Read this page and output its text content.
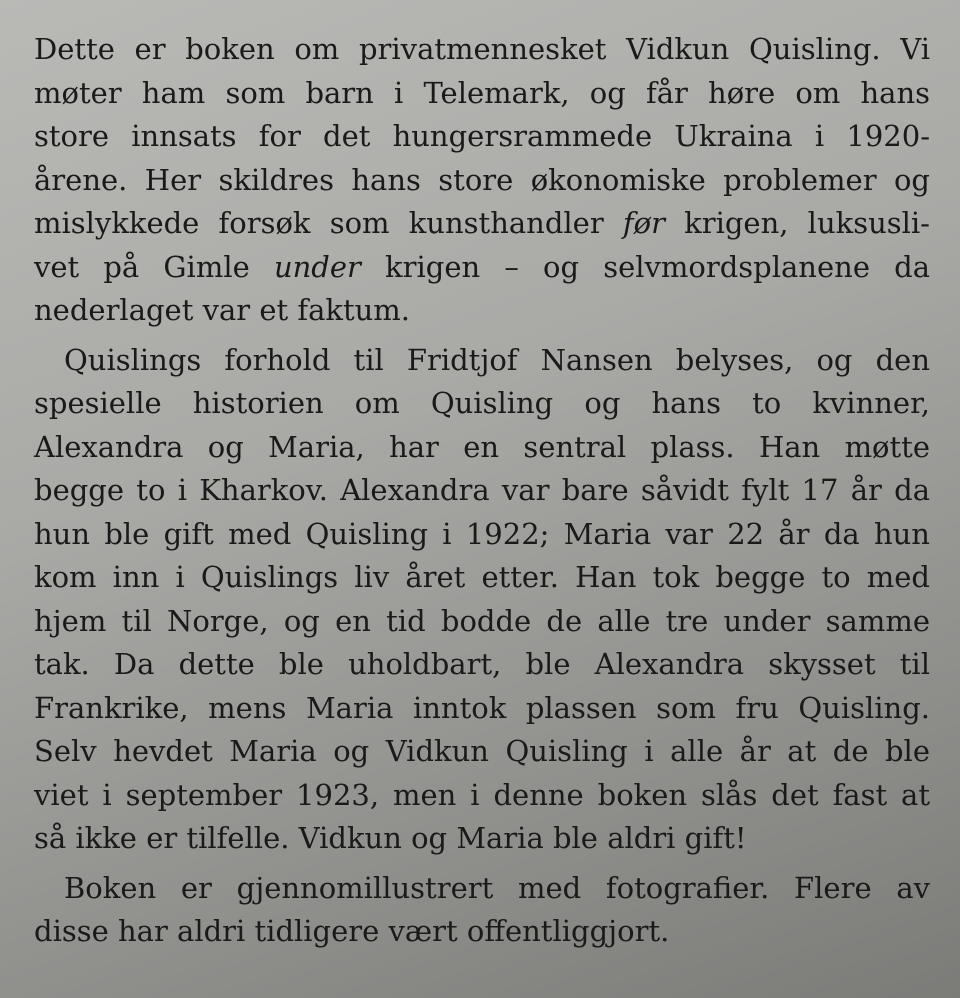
Dette er boken om privatmennesket Vidkun Quisling. Vi
møter ham som barn i Telemark, og får høre om hans
store innsats for det hungersrammede Ukraina i 1920-
årene. Her skildres hans store økonomiske problemer og
mislykkede forsøk som kunsthandler før krigen, luksusli-
vet på Gimle under krigen – og selvmordsplanene da
nederlaget var et faktum.
Quislings forhold til Fridtjof Nansen belyses, og den
spesielle historien om Quisling og hans to kvinner,
Alexandra og Maria, har en sentral plass. Han møtte
begge to i Kharkov. Alexandra var bare såvidt fylt 17 år da
hun ble gift med Quisling i 1922; Maria var 22 år da hun
kom inn i Quislings liv året etter. Han tok begge to med
hjem til Norge, og en tid bodde de alle tre under samme
tak. Da dette ble uholdbart, ble Alexandra skysset til
Frankrike, mens Maria inntok plassen som fru Quisling.
Selv hevdet Maria og Vidkun Quisling i alle år at de ble
viet i september 1923, men i denne boken slås det fast at
så ikke er tilfelle. Vidkun og Maria ble aldri gift!
Boken er gjennomillustrert med fotografier. Flere av
disse har aldri tidligere vært offentliggjort.
